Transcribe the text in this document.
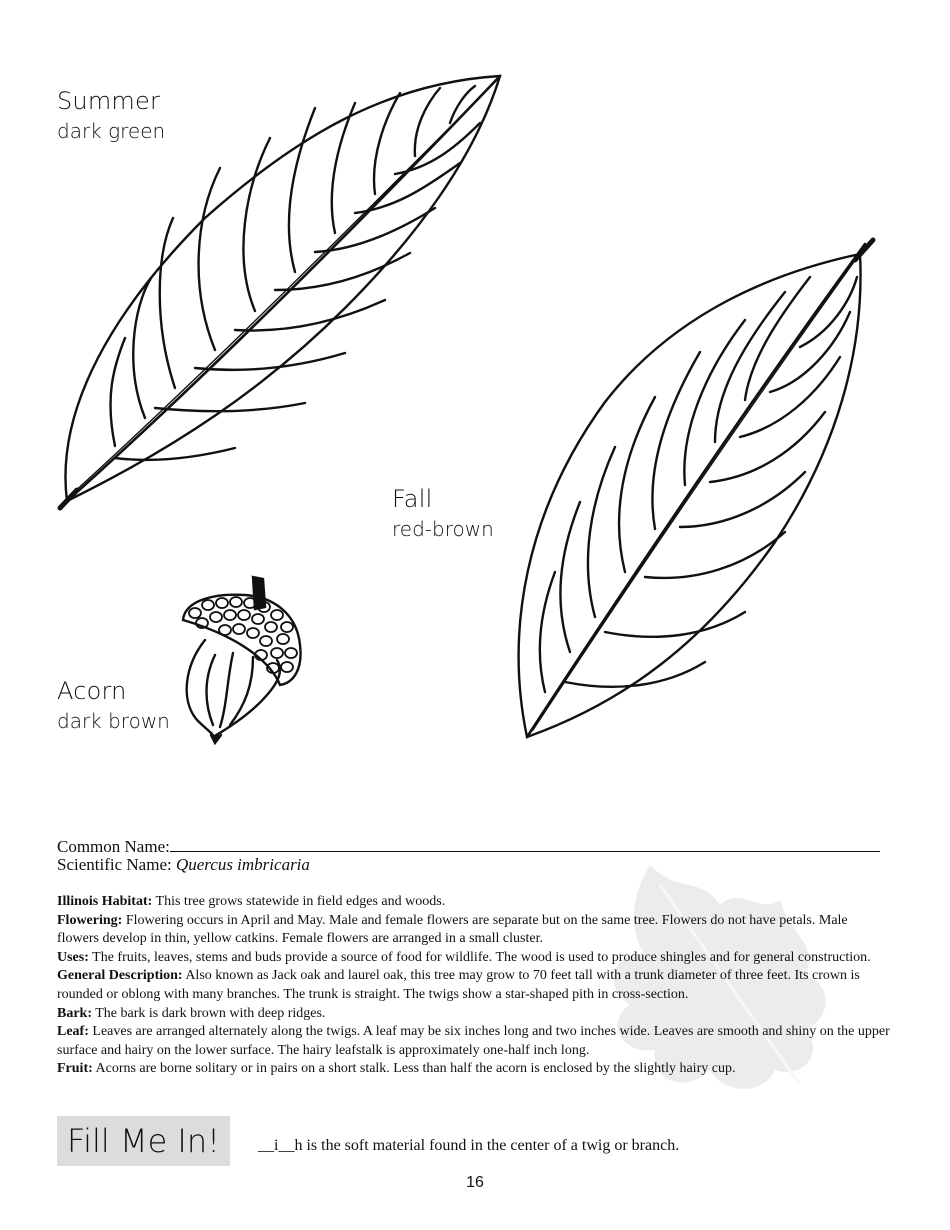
Summer
dark green
Fall
red-brown
Acorn
dark brown
Common Name:
Scientific Name: Quercus imbricaria

Illinois Habitat: This tree grows statewide in field edges and woods.

Flowering: Flowering occurs in April and May. Male and female flowers are separate but on the same tree. Flowers do not have petals. Male flowers develop in thin, yellow catkins. Female flowers are arranged in a small cluster.

Uses: The fruits, leaves, stems and buds provide a source of food for wildlife. The wood is used to produce shingles and for general construction.

General Description: Also known as Jack oak and laurel oak, this tree may grow to 70 feet tall with a trunk diameter of three feet. Its crown is rounded or oblong with many branches. The trunk is straight. The twigs show a star-shaped pith in cross-section.

Bark: The bark is dark brown with deep ridges.

Leaf: Leaves are arranged alternately along the twigs. A leaf may be six inches long and two inches wide. Leaves are smooth and shiny on the upper surface and hairy on the lower surface. The hairy leafstalk is approximately one-half inch long.

Fruit: Acorns are borne solitary or in pairs on a short stalk. Less than half the acorn is enclosed by the slightly hairy cup.

Fill Me In!	__i__h is the soft material found in the center of a twig or branch.
16
